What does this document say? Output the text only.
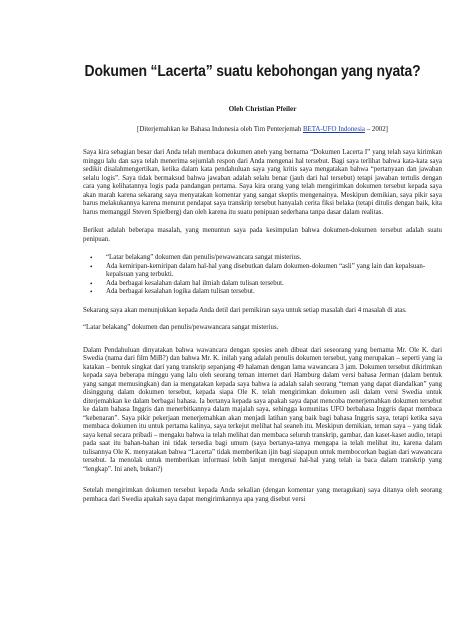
Dokumen “Lacerta” suatu kebohongan yang nyata?
Oleh Christian Pfeiler
[Diterjemahkan ke Bahasa Indonesia oleh Tim Penterjemah BETA-UFO Indonesia – 2002]

Saya kira sebagian besar dari Anda telah membaca dokumen aneh yang bernama “Dokumen Lacerta I” yang telah saya kirimkan minggu lalu dan saya telah menerima sejumlah respon dari Anda mengenai hal tersebut. Bagi saya terlihat bahwa kata-kata saya sedikit disalahmengertikan, ketika dalam kata pendahuluan saya yang kritis saya mengatakan bahwa “pertanyaan dan jawaban selalu logis”. Saya tidak bermaksud bahwa jawaban adalah selalu benar (jauh dari hal tersebut) tetapi jawaban tertulis dengan cara yang kelihatannya logis pada pandangan pertama. Saya kira orang yang telah mengirimkan dokumen tersebut kepada saya akan marah karena sekarang saya menyatakan komentar yang sangat skeptis mengenainya. Meskipun demikian, saya pikir saya harus melakukannya karena menurut pendapat saya transkrip tersebut hanyalah cerita fiksi belaka (tetapi ditulis dengan baik, kita harus memanggil Steven Spielberg) dan oleh karena itu suatu penipuan sederhana tanpa dasar dalam realitas.

Berikut adalah beberapa masalah, yang menuntun saya pada kesimpulan bahwa dokumen-dokumen tersebut adalah suatu penipuan.

• “Latar belakang” dokumen dan penulis/pewawancara sangat misterius.
• Ada kemiripan-kemiripan dalam hal-hal yang disebutkan dalam dokumen-dokumen “asli” yang lain dan kepalsuan-kepalsuan yang terbukti.
• Ada berbagai kesalahan dalam hal ilmiah dalam tulisan tersebut.
• Ada berbagai kesalahan logika dalam tulisan tersebut.

Sekarang saya akan menunjukkan kepada Anda detil dari pemikiran saya untuk setiap masalah dari 4 masalah di atas.

“Latar belakang” dokumen dan penulis/pewawancara sangat misterius.

Dalam Pendahuluan dinyatakan bahwa wawancara dengan spesies aneh dibuat dari seseorang yang bernama Mr. Ole K. dari Swedia (nama dari film MiB?) dan bahwa Mr. K. inilah yang adalah penulis dokumen tersebut, yang merupakan – seperti yang ia katakan – bentuk singkat dari yang transkrip sepanjang 49 halaman dengan lama wawancara 3 jam. Dokumen tersebut dikirimkan kepada saya beberapa minggu yang lalu oleh seorang teman internet dari Hamburg dalam versi bahasa Jerman (dalam bentuk yang sangat memusingkan) dan ia mengatakan kepada saya bahwa ia adalah salah seorang “teman yang dapat diandalkan” yang disinggung dalam dokumen tersebut, kepada siapa Ole K. telah mengirimkan dokumen asli dalam versi Swedia untuk diterjemahkan ke dalam berbagai bahasa. Ia bertanya kepada saya apakah saya dapat mencoba menerjemahkan dokumen tersebut ke dalam bahasa Inggris dan menerbitkannya dalam majalah saya, sehingga komunitas UFO berbahasa Inggris dapat membaca “kebenaran”. Saya pikir pekerjaan menerjemahkan akan menjadi latihan yang baik bagi bahasa Inggris saya, tetapi ketika saya membaca dokumen itu untuk pertama kalinya, saya terkejut melihat hal seaneh itu. Meskipun demikian, teman saya – yang tidak saya kenal secara pribadi – mengaku bahwa ia telah melihat dan membaca seluruh transkrip, gambar, dan kaset-kaset audio, tetapi pada saat itu bahan-bahan ini tidak tersedia bagi umum (saya bertanya-tanya mengapa ia telah melihat itu, karena dalam tulisannya Ole K. menyatakan bahwa “Lacerta” tidak memberikan ijin bagi siapapun untuk membocorkan bagian dari wawancara tersebut. Ia menolak untuk memberikan informasi lebih lanjut mengenai hal-hal yang telah ia baca dalam transkrip yang “lengkap”. Ini aneh, bukan?)

Setelah mengirimkan dokumen tersebut kepada Anda sekalian (dengan komentar yang meragukan) saya ditanya oleh seorang pembaca dari Swedia apakah saya dapat mengirimkannya apa yang disebut versi
